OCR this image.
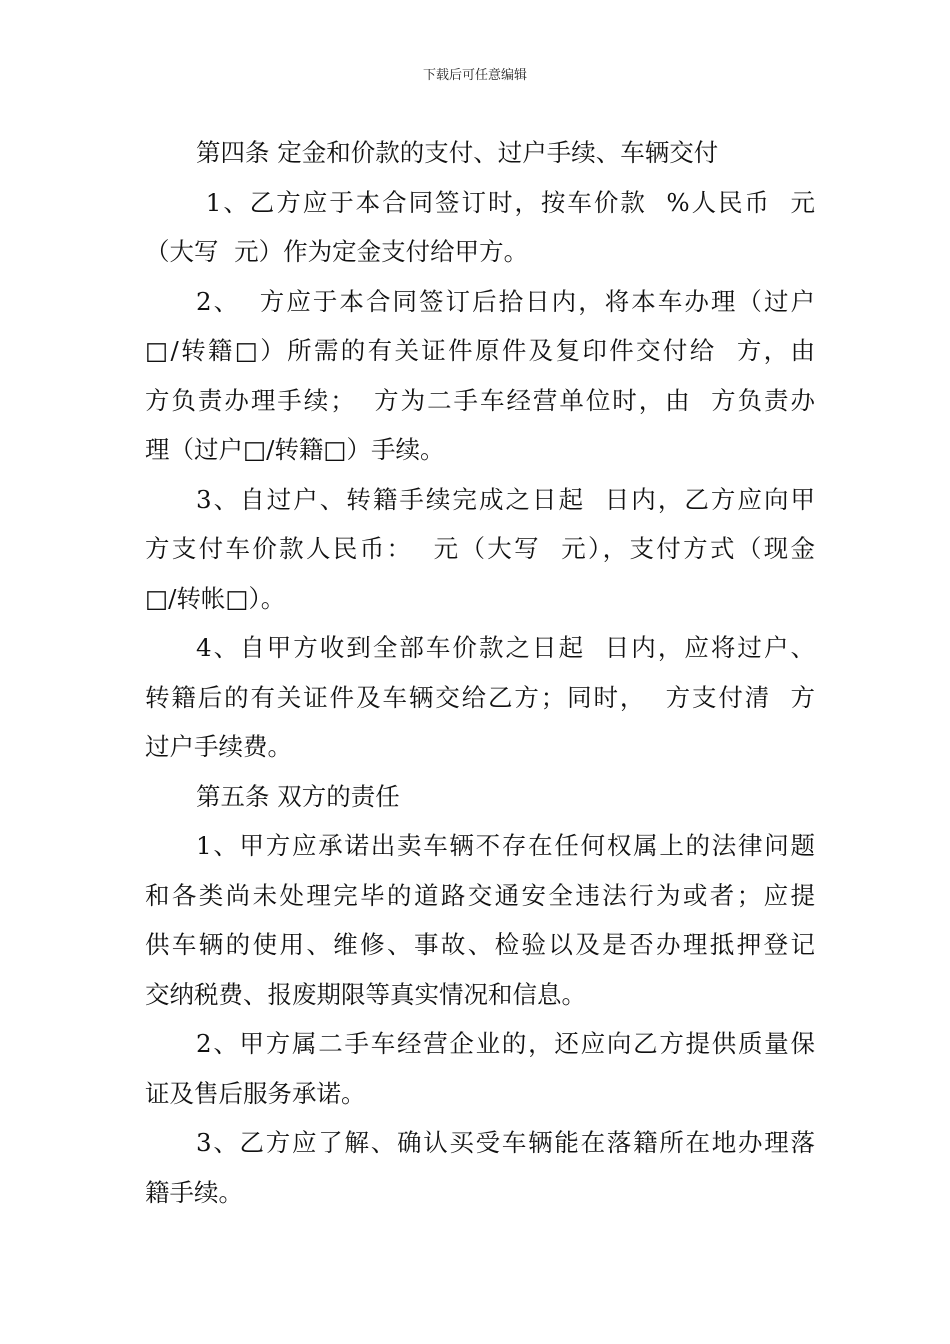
下载后可任意编辑
第四条 定金和价款的支付、过户手续、车辆交付
1、乙方应于本合同签订时，按车价款  %人民币  元
（大写  元）作为定金支付给甲方。
2、  方应于本合同签订后拾日内，将本车办理（过户
□/转籍□）所需的有关证件原件及复印件交付给  方，由
方负责办理手续；  方为二手车经营单位时，由  方负责办
理（过户□/转籍□）手续。
3、自过户、转籍手续完成之日起  日内，乙方应向甲
方支付车价款人民币：  元（大写  元），支付方式（现金
□/转帐□）。
4、自甲方收到全部车价款之日起  日内，应将过户、
转籍后的有关证件及车辆交给乙方；同时，  方支付清  方
过户手续费。
第五条 双方的责任
1、甲方应承诺出卖车辆不存在任何权属上的法律问题
和各类尚未处理完毕的道路交通安全违法行为或者；应提
供车辆的使用、维修、事故、检验以及是否办理抵押登记
交纳税费、报废期限等真实情况和信息。
2、甲方属二手车经营企业的，还应向乙方提供质量保
证及售后服务承诺。
3、乙方应了解、确认买受车辆能在落籍所在地办理落
籍手续。
